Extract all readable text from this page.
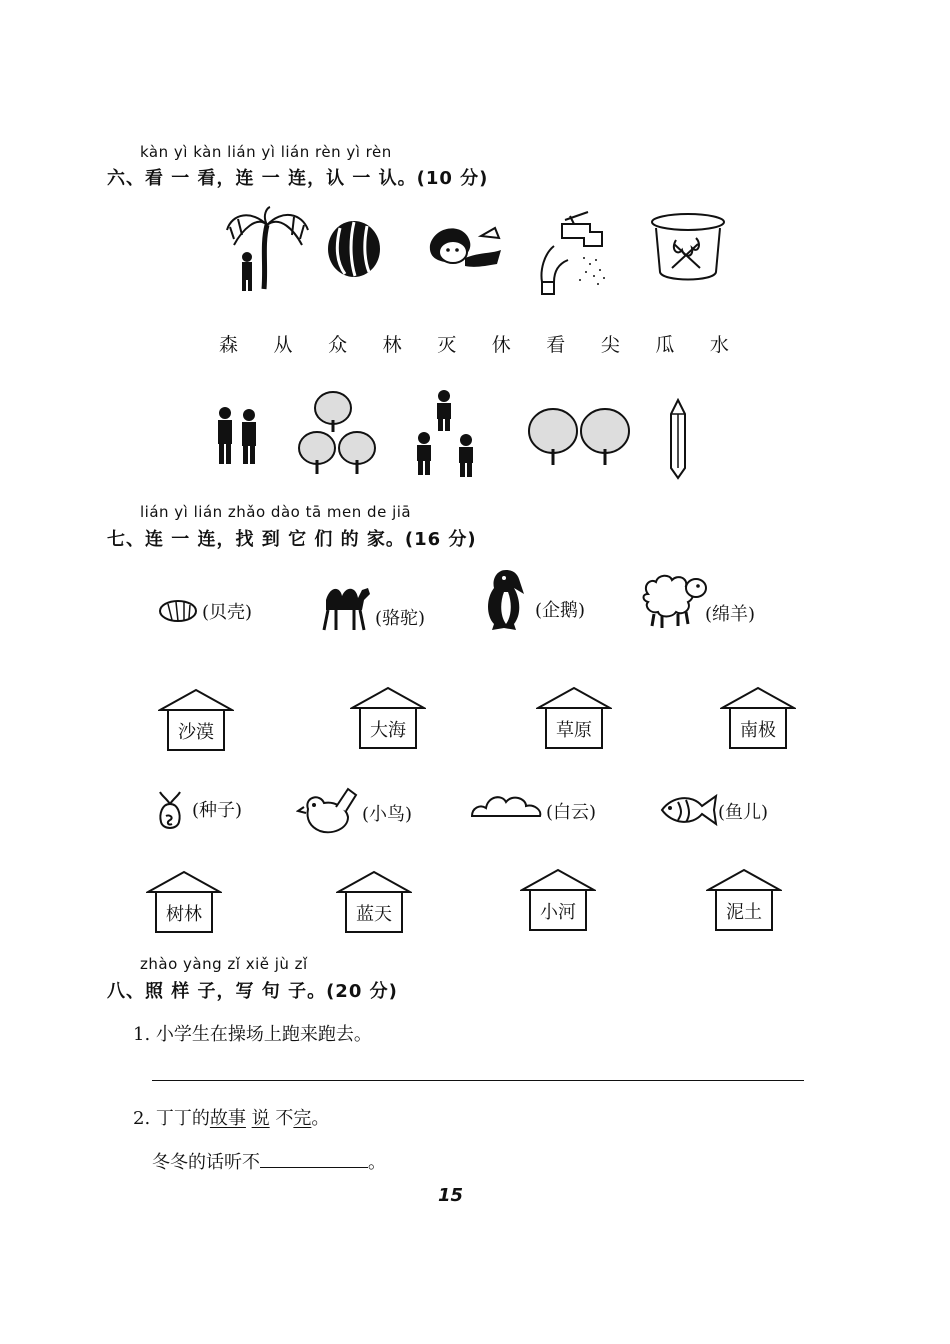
kàn yì kàn lián yì lián rèn yì rèn
六、看 一 看，连 一 连，认 一 认。(10 分)
森 从 众 林 灭 休 看 尖 瓜 水
lián yì lián zhǎo dào tā men de jiā
七、连 一 连，找 到 它 们 的 家。(16 分)
(贝壳)	(骆驼)	(企鹅)	(绵羊)
沙漠	大海	草原	南极
(种子)	(小鸟)	(白云)	(鱼儿)
树林	蓝天	小河	泥土
zhào yàng zǐ xiě jù zǐ
八、照 样 子，写 句 子。(20 分)
1. 小学生在操场上跑来跑去。
2. 丁丁的故事 说 不完。
冬冬的话听不	。
15
